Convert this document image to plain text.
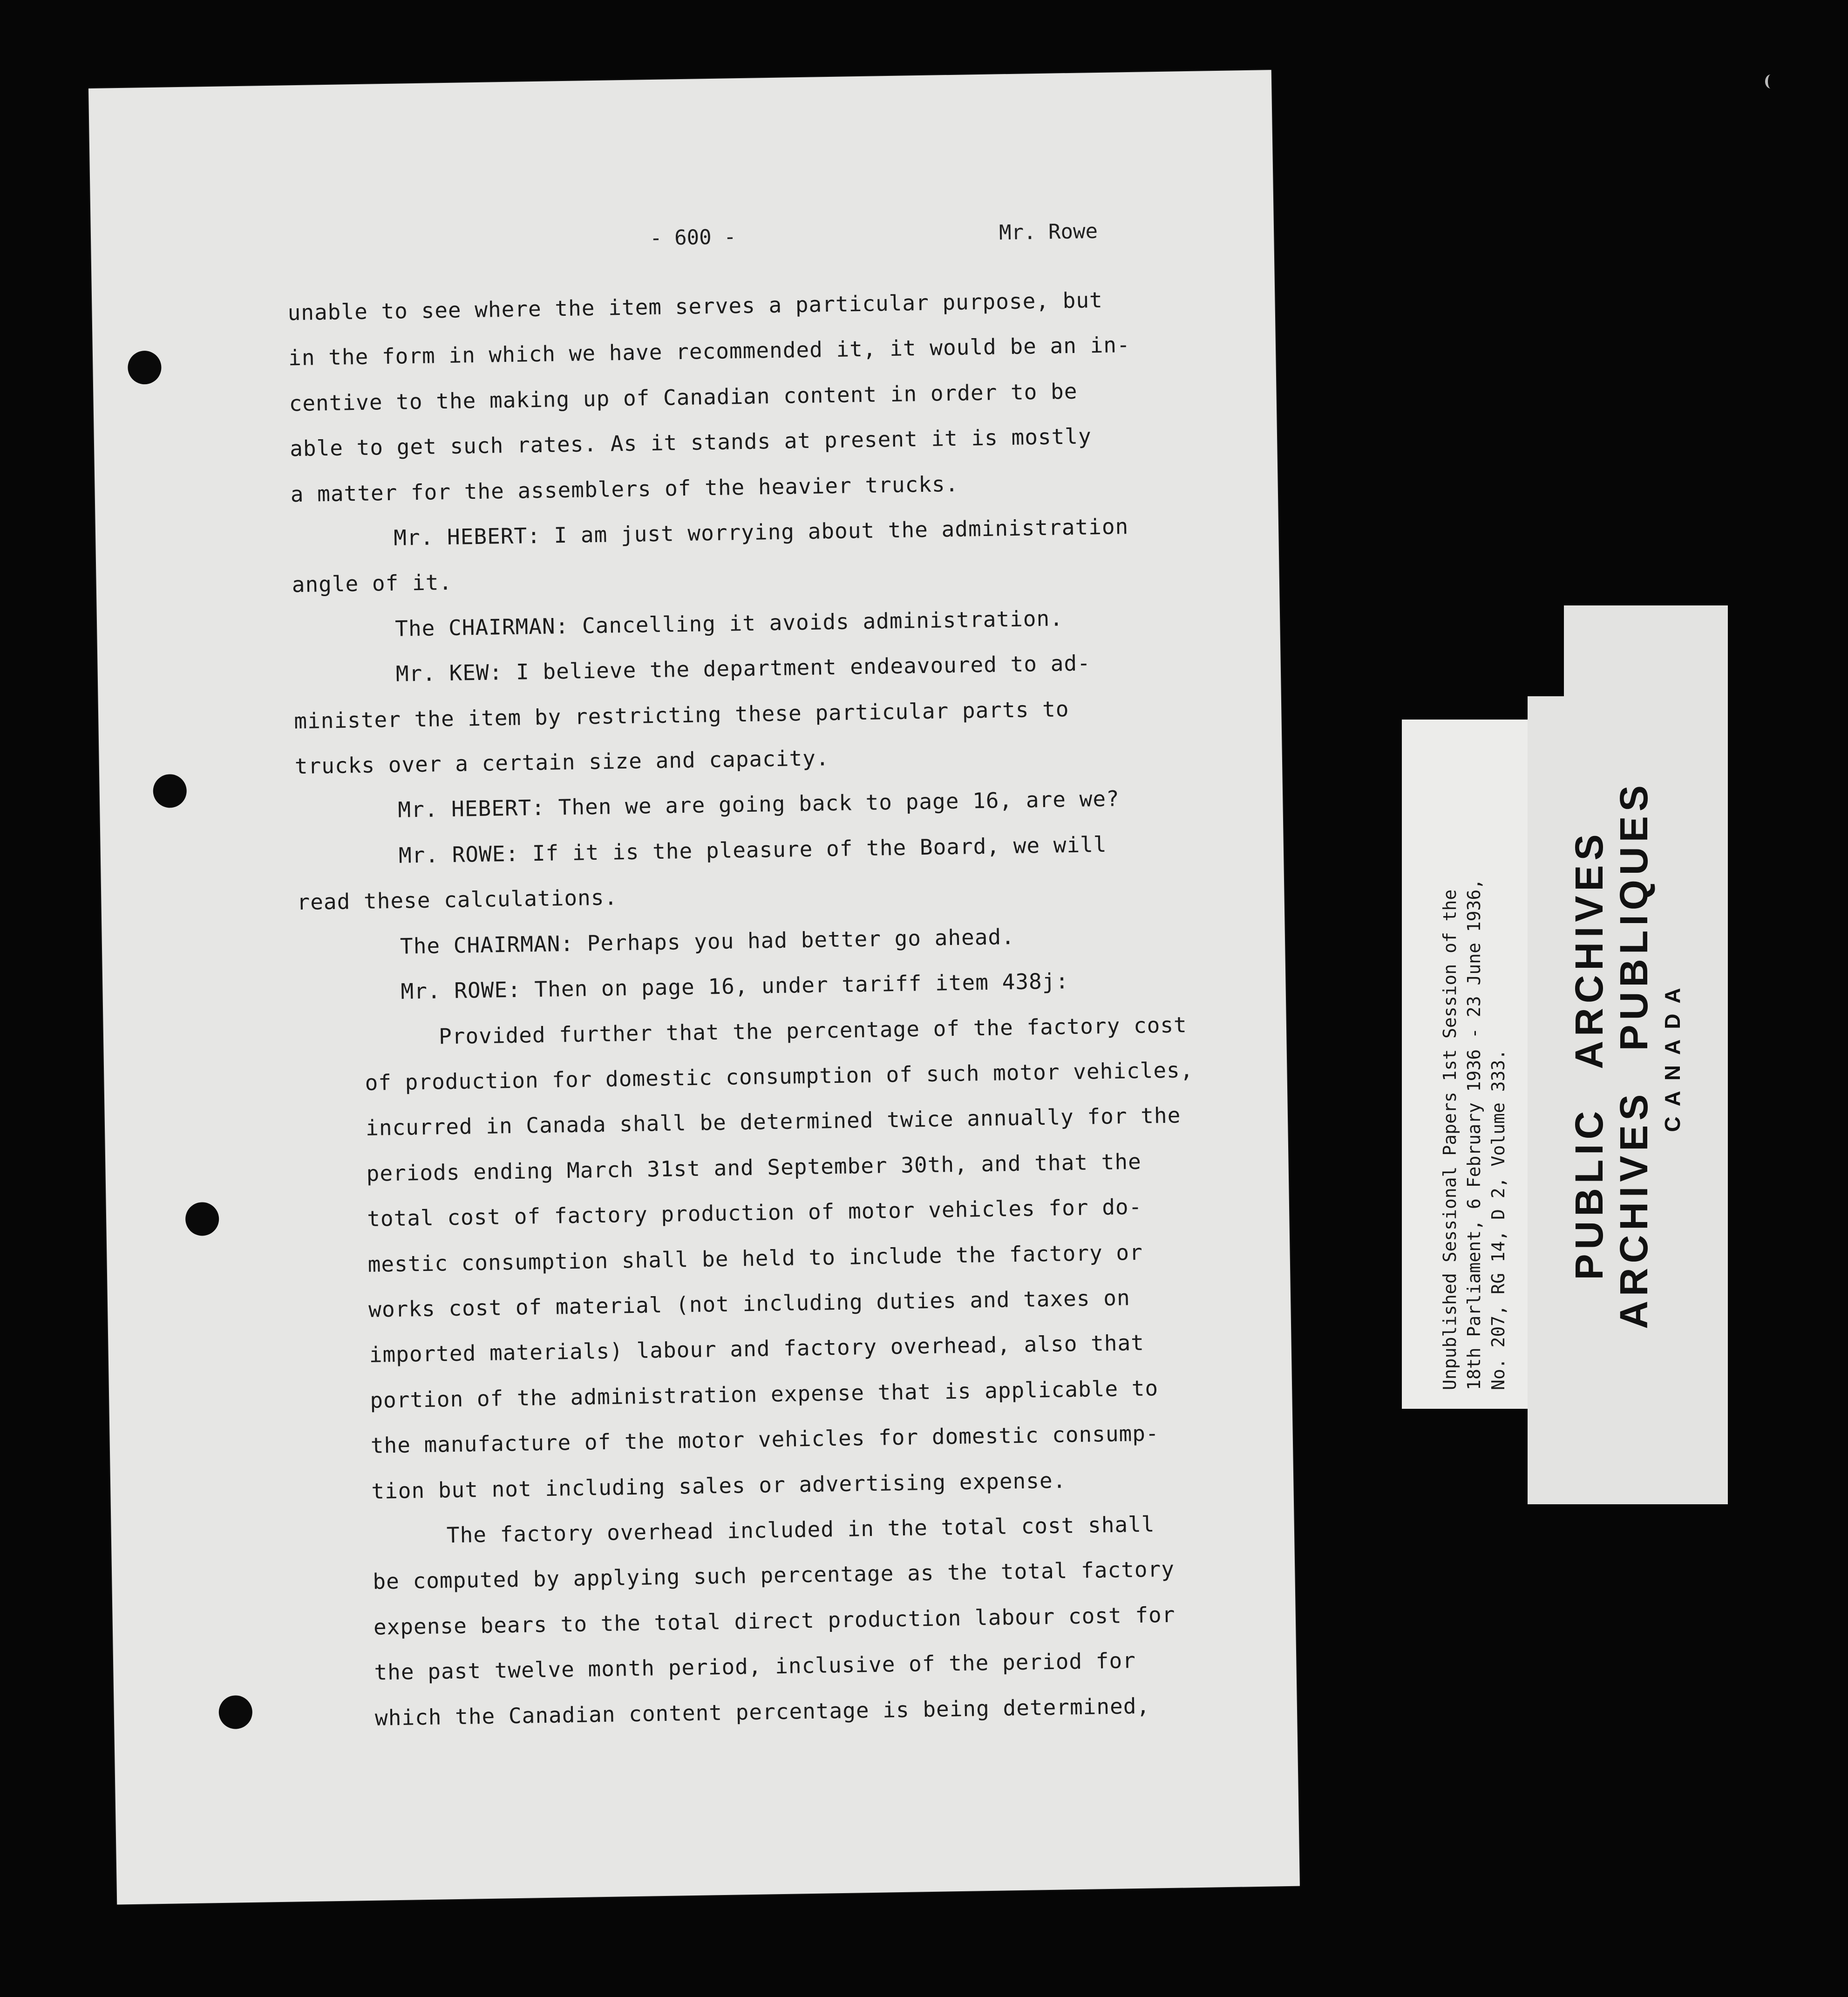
- 600 -	Mr. Rowe
unable to see where the item serves a particular purpose, but
in the form in which we have recommended it, it would be an in-
centive to the making up of Canadian content in order to be
able to get such rates. As it stands at present it is mostly
a matter for the assemblers of the heavier trucks.
Mr. HEBERT: I am just worrying about the administration
angle of it.
The CHAIRMAN: Cancelling it avoids administration.
Mr. KEW: I believe the department endeavoured to ad-
minister the item by restricting these particular parts to
trucks over a certain size and capacity.
Mr. HEBERT: Then we are going back to page 16, are we?
Mr. ROWE: If it is the pleasure of the Board, we will
read these calculations.
The CHAIRMAN: Perhaps you had better go ahead.
Mr. ROWE: Then on page 16, under tariff item 438j:
Provided further that the percentage of the factory cost
of production for domestic consumption of such motor vehicles,
incurred in Canada shall be determined twice annually for the
periods ending March 31st and September 30th, and that the
total cost of factory production of motor vehicles for do-
mestic consumption shall be held to include the factory or
works cost of material (not including duties and taxes on
imported materials) labour and factory overhead, also that
portion of the administration expense that is applicable to
the manufacture of the motor vehicles for domestic consump-
tion but not including sales or advertising expense.
The factory overhead included in the total cost shall
be computed by applying such percentage as the total factory
expense bears to the total direct production labour cost for
the past twelve month period, inclusive of the period for
which the Canadian content percentage is being determined,
Unpublished Sessional Papers 1st Session of the 18th Parliament, 6 February 1936 - 23 June 1936, No. 207, RG 14, D 2, Volume 333. PUBLIC ARCHIVES ARCHIVES PUBLIQUES CANADA
